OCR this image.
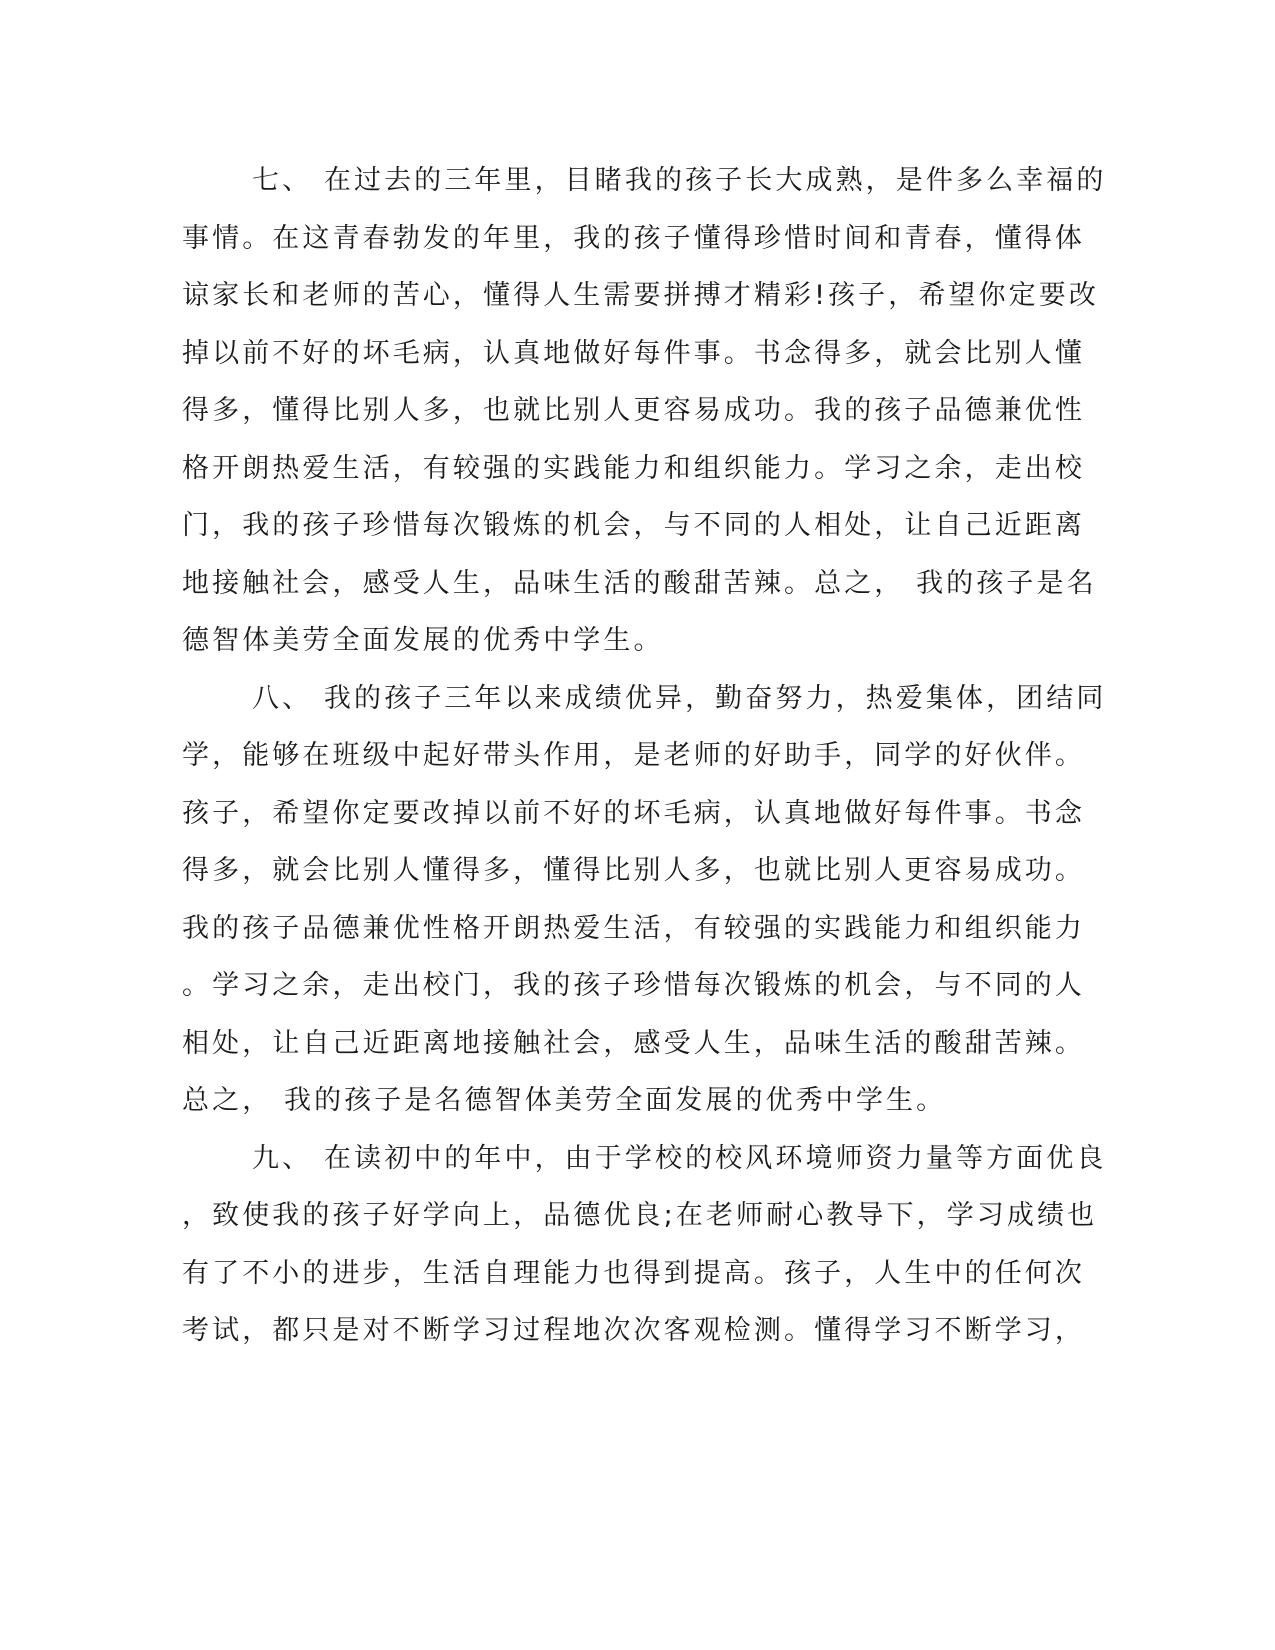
七、 在过去的三年里，目睹我的孩子长大成熟，是件多么幸福的
事情。在这青春勃发的年里，我的孩子懂得珍惜时间和青春，懂得体
谅家长和老师的苦心，懂得人生需要拼搏才精彩!孩子，希望你定要改
掉以前不好的坏毛病，认真地做好每件事。书念得多，就会比别人懂
得多，懂得比别人多，也就比别人更容易成功。我的孩子品德兼优性
格开朗热爱生活，有较强的实践能力和组织能力。学习之余，走出校
门，我的孩子珍惜每次锻炼的机会，与不同的人相处，让自己近距离
地接触社会，感受人生，品味生活的酸甜苦辣。总之， 我的孩子是名
德智体美劳全面发展的优秀中学生。

八、 我的孩子三年以来成绩优异，勤奋努力，热爱集体，团结同
学，能够在班级中起好带头作用，是老师的好助手，同学的好伙伴。
孩子，希望你定要改掉以前不好的坏毛病，认真地做好每件事。书念
得多，就会比别人懂得多，懂得比别人多，也就比别人更容易成功。
我的孩子品德兼优性格开朗热爱生活，有较强的实践能力和组织能力
。学习之余，走出校门，我的孩子珍惜每次锻炼的机会，与不同的人
相处，让自己近距离地接触社会，感受人生，品味生活的酸甜苦辣。
总之， 我的孩子是名德智体美劳全面发展的优秀中学生。

九、 在读初中的年中，由于学校的校风环境师资力量等方面优良
，致使我的孩子好学向上，品德优良;在老师耐心教导下，学习成绩也
有了不小的进步，生活自理能力也得到提高。孩子，人生中的任何次
考试，都只是对不断学习过程地次次客观检测。懂得学习不断学习，
